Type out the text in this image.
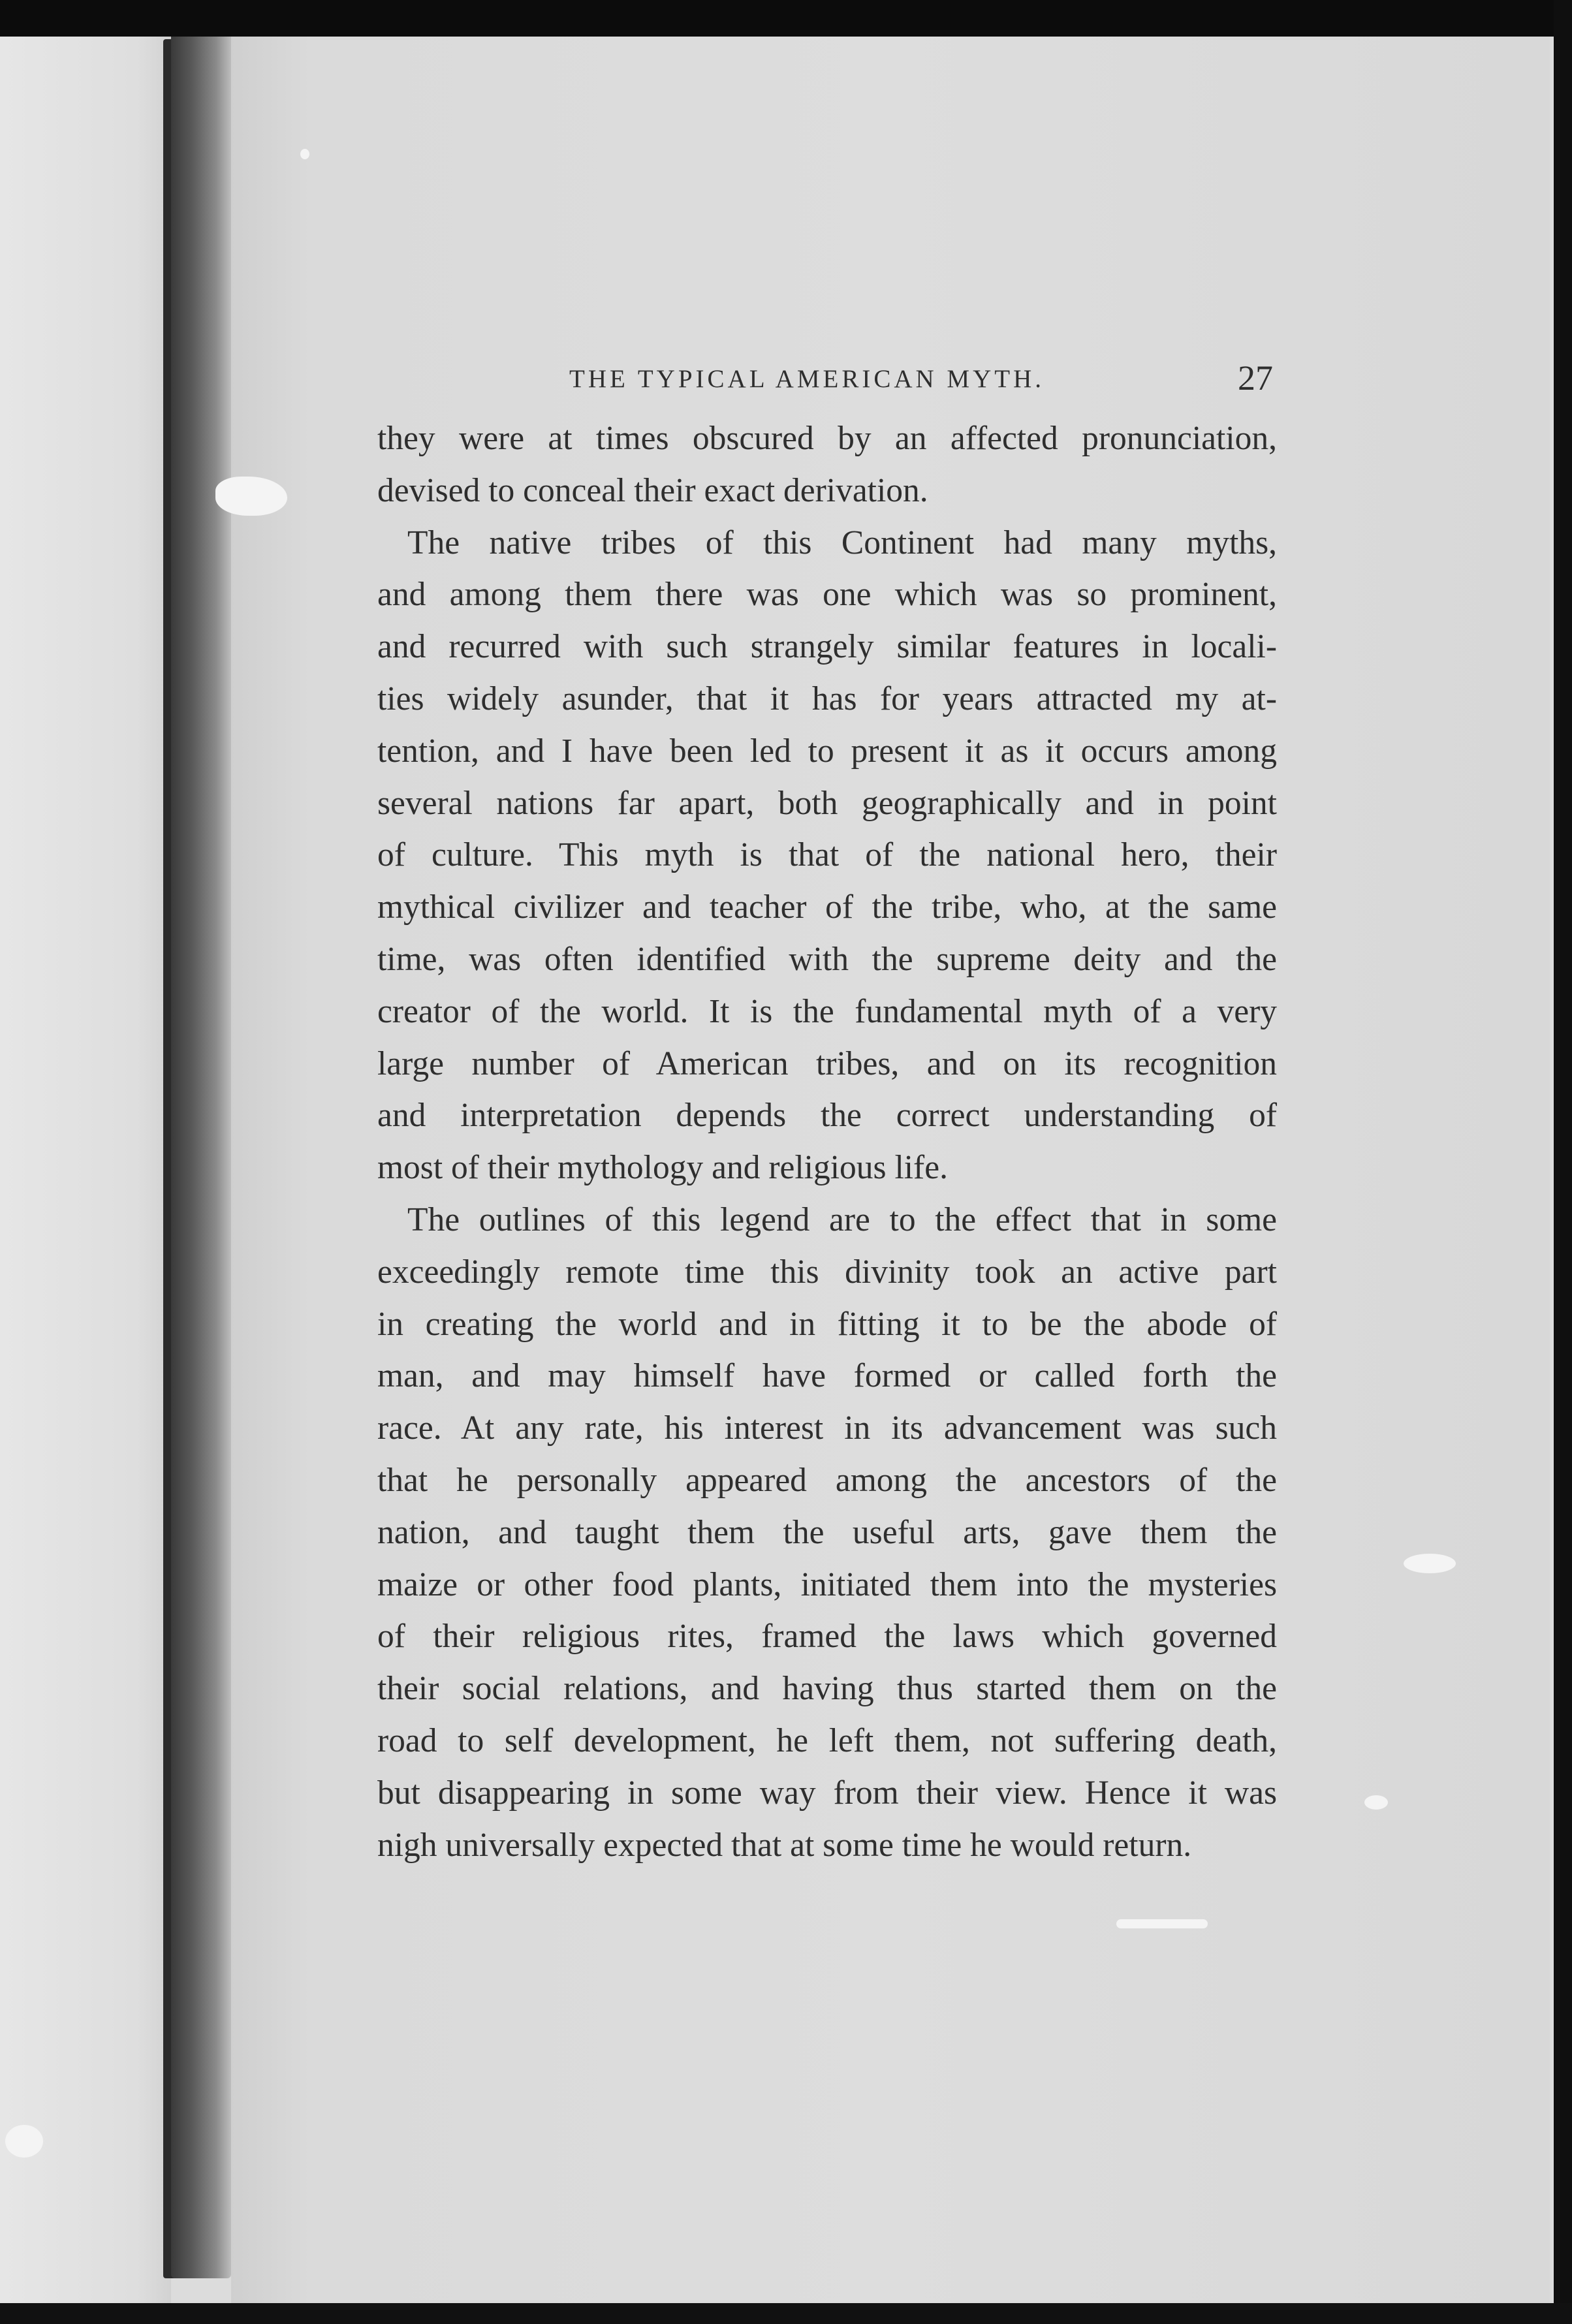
THE TYPICAL AMERICAN MYTH.	27

they were at times obscured by an affected pronunciation,
devised to conceal their exact derivation.

The native tribes of this Continent had many myths,
and among them there was one which was so prominent,
and recurred with such strangely similar features in locali-
ties widely asunder, that it has for years attracted my at-
tention, and I have been led to present it as it occurs among
several nations far apart, both geographically and in point
of culture. This myth is that of the national hero, their
mythical civilizer and teacher of the tribe, who, at the same
time, was often identified with the supreme deity and the
creator of the world. It is the fundamental myth of a very
large number of American tribes, and on its recognition
and interpretation depends the correct understanding of
most of their mythology and religious life.

The outlines of this legend are to the effect that in some
exceedingly remote time this divinity took an active part
in creating the world and in fitting it to be the abode of
man, and may himself have formed or called forth the
race. At any rate, his interest in its advancement was such
that he personally appeared among the ancestors of the
nation, and taught them the useful arts, gave them the
maize or other food plants, initiated them into the mysteries
of their religious rites, framed the laws which governed
their social relations, and having thus started them on the
road to self development, he left them, not suffering death,
but disappearing in some way from their view. Hence it was
nigh universally expected that at some time he would return.
